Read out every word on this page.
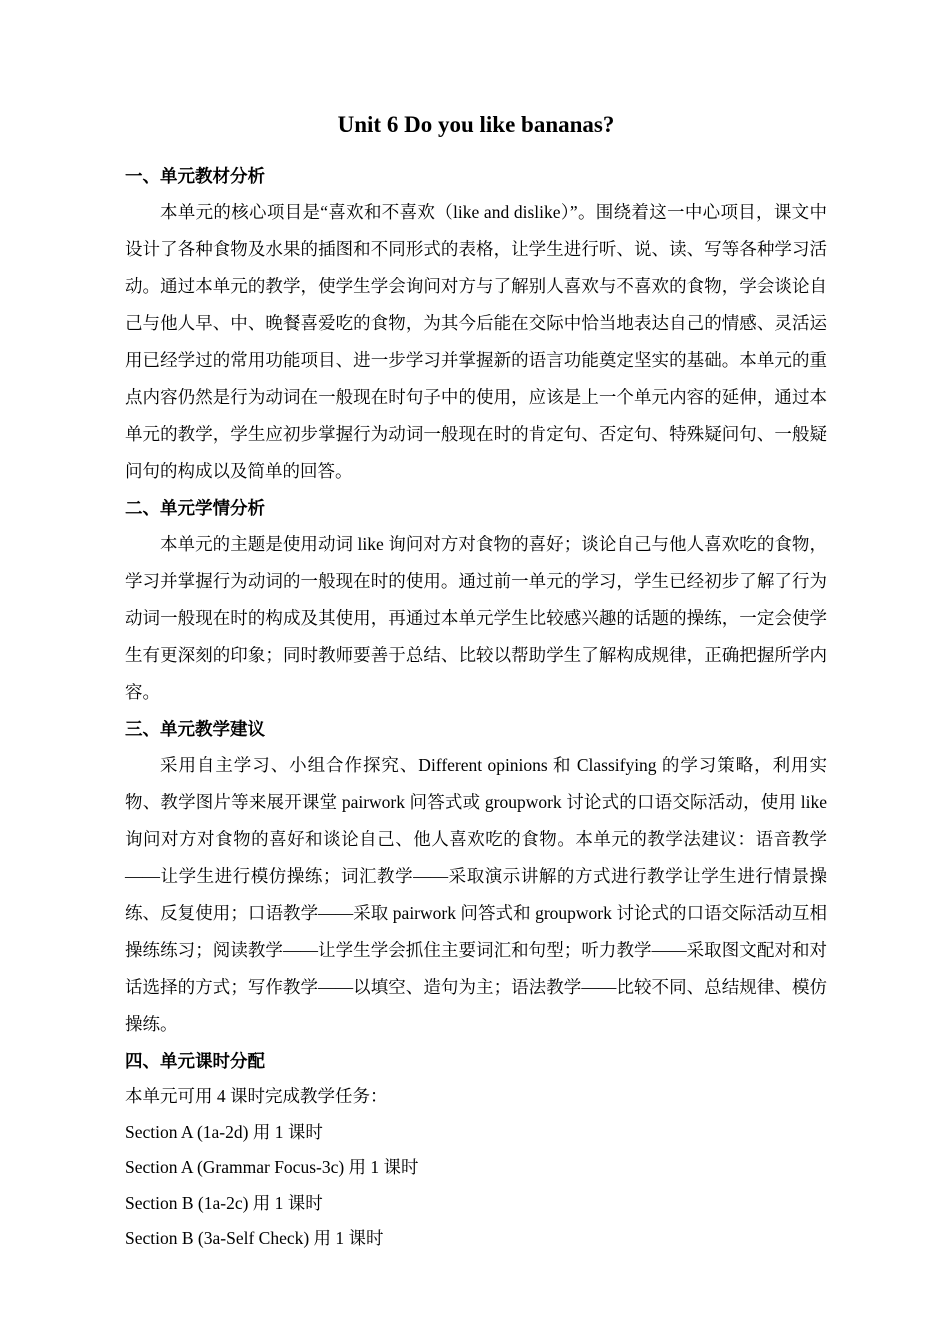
Unit 6 Do you like bananas?

一、单元教材分析

本单元的核心项目是“喜欢和不喜欢（like and dislike）”。围绕着这一中心项目，课文中设计了各种食物及水果的插图和不同形式的表格，让学生进行听、说、读、写等各种学习活动。通过本单元的教学，使学生学会询问对方与了解别人喜欢与不喜欢的食物，学会谈论自己与他人早、中、晚餐喜爱吃的食物，为其今后能在交际中恰当地表达自己的情感、灵活运用已经学过的常用功能项目、进一步学习并掌握新的语言功能奠定坚实的基础。本单元的重点内容仍然是行为动词在一般现在时句子中的使用，应该是上一个单元内容的延伸，通过本单元的教学，学生应初步掌握行为动词一般现在时的肯定句、否定句、特殊疑问句、一般疑问句的构成以及简单的回答。

二、单元学情分析

本单元的主题是使用动词 like 询问对方对食物的喜好；谈论自己与他人喜欢吃的食物，学习并掌握行为动词的一般现在时的使用。通过前一单元的学习，学生已经初步了解了行为动词一般现在时的构成及其使用，再通过本单元学生比较感兴趣的话题的操练，一定会使学生有更深刻的印象；同时教师要善于总结、比较以帮助学生了解构成规律，正确把握所学内容。

三、单元教学建议

采用自主学习、小组合作探究、Different opinions 和 Classifying 的学习策略，利用实物、教学图片等来展开课堂 pairwork 问答式或 groupwork 讨论式的口语交际活动，使用 like 询问对方对食物的喜好和谈论自己、他人喜欢吃的食物。本单元的教学法建议：语音教学——让学生进行模仿操练；词汇教学——采取演示讲解的方式进行教学让学生进行情景操练、反复使用；口语教学——采取 pairwork 问答式和 groupwork 讨论式的口语交际活动互相操练练习；阅读教学——让学生学会抓住主要词汇和句型；听力教学——采取图文配对和对话选择的方式；写作教学——以填空、造句为主；语法教学——比较不同、总结规律、模仿操练。

四、单元课时分配

本单元可用 4 课时完成教学任务：

Section A (1a-2d) 用 1 课时

Section A (Grammar Focus-3c) 用 1 课时

Section B (1a-2c) 用 1 课时

Section B (3a-Self Check) 用 1 课时
